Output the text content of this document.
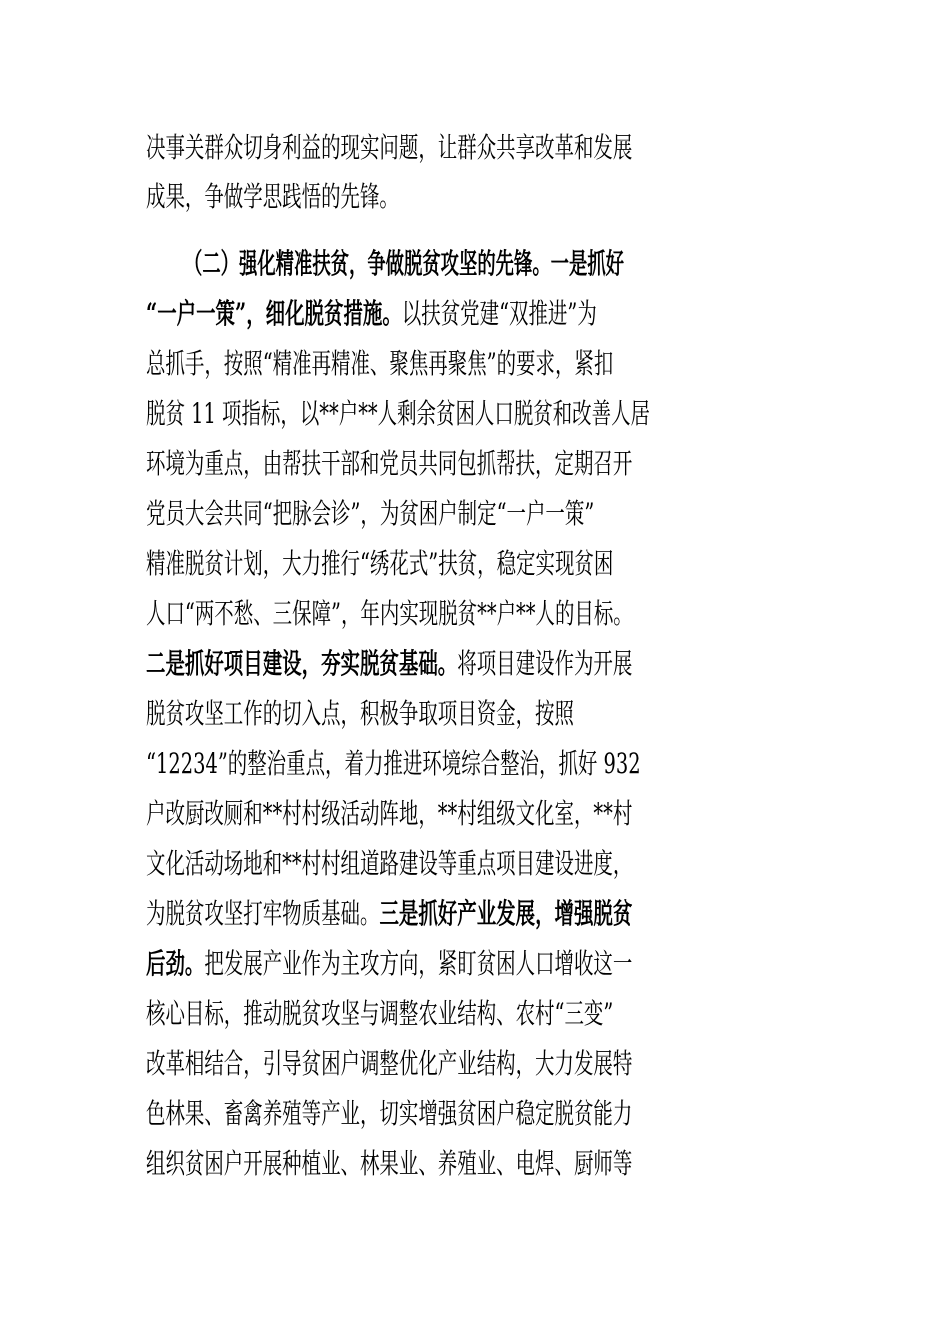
决事关群众切身利益的现实问题，让群众共享改革和发展
成果，争做学思践悟的先锋。
（二）强化精准扶贫，争做脱贫攻坚的先锋。一是抓好
“一户一策”，细化脱贫措施。以扶贫党建“双推进”为
总抓手，按照“精准再精准、聚焦再聚焦”的要求，紧扣
脱贫 11 项指标，以**户**人剩余贫困人口脱贫和改善人居
环境为重点，由帮扶干部和党员共同包抓帮扶，定期召开
党员大会共同“把脉会诊”，为贫困户制定“一户一策”
精准脱贫计划，大力推行“绣花式”扶贫，稳定实现贫困
人口“两不愁、三保障”，年内实现脱贫**户**人的目标。
二是抓好项目建设，夯实脱贫基础。将项目建设作为开展
脱贫攻坚工作的切入点，积极争取项目资金，按照
“12234”的整治重点，着力推进环境综合整治，抓好 932
户改厨改厕和**村村级活动阵地，**村组级文化室，**村
文化活动场地和**村村组道路建设等重点项目建设进度，
为脱贫攻坚打牢物质基础。三是抓好产业发展，增强脱贫
后劲。把发展产业作为主攻方向，紧盯贫困人口增收这一
核心目标，推动脱贫攻坚与调整农业结构、农村“三变”
改革相结合，引导贫困户调整优化产业结构，大力发展特
色林果、畜禽养殖等产业，切实增强贫困户稳定脱贫能力
组织贫困户开展种植业、林果业、养殖业、电焊、厨师等
